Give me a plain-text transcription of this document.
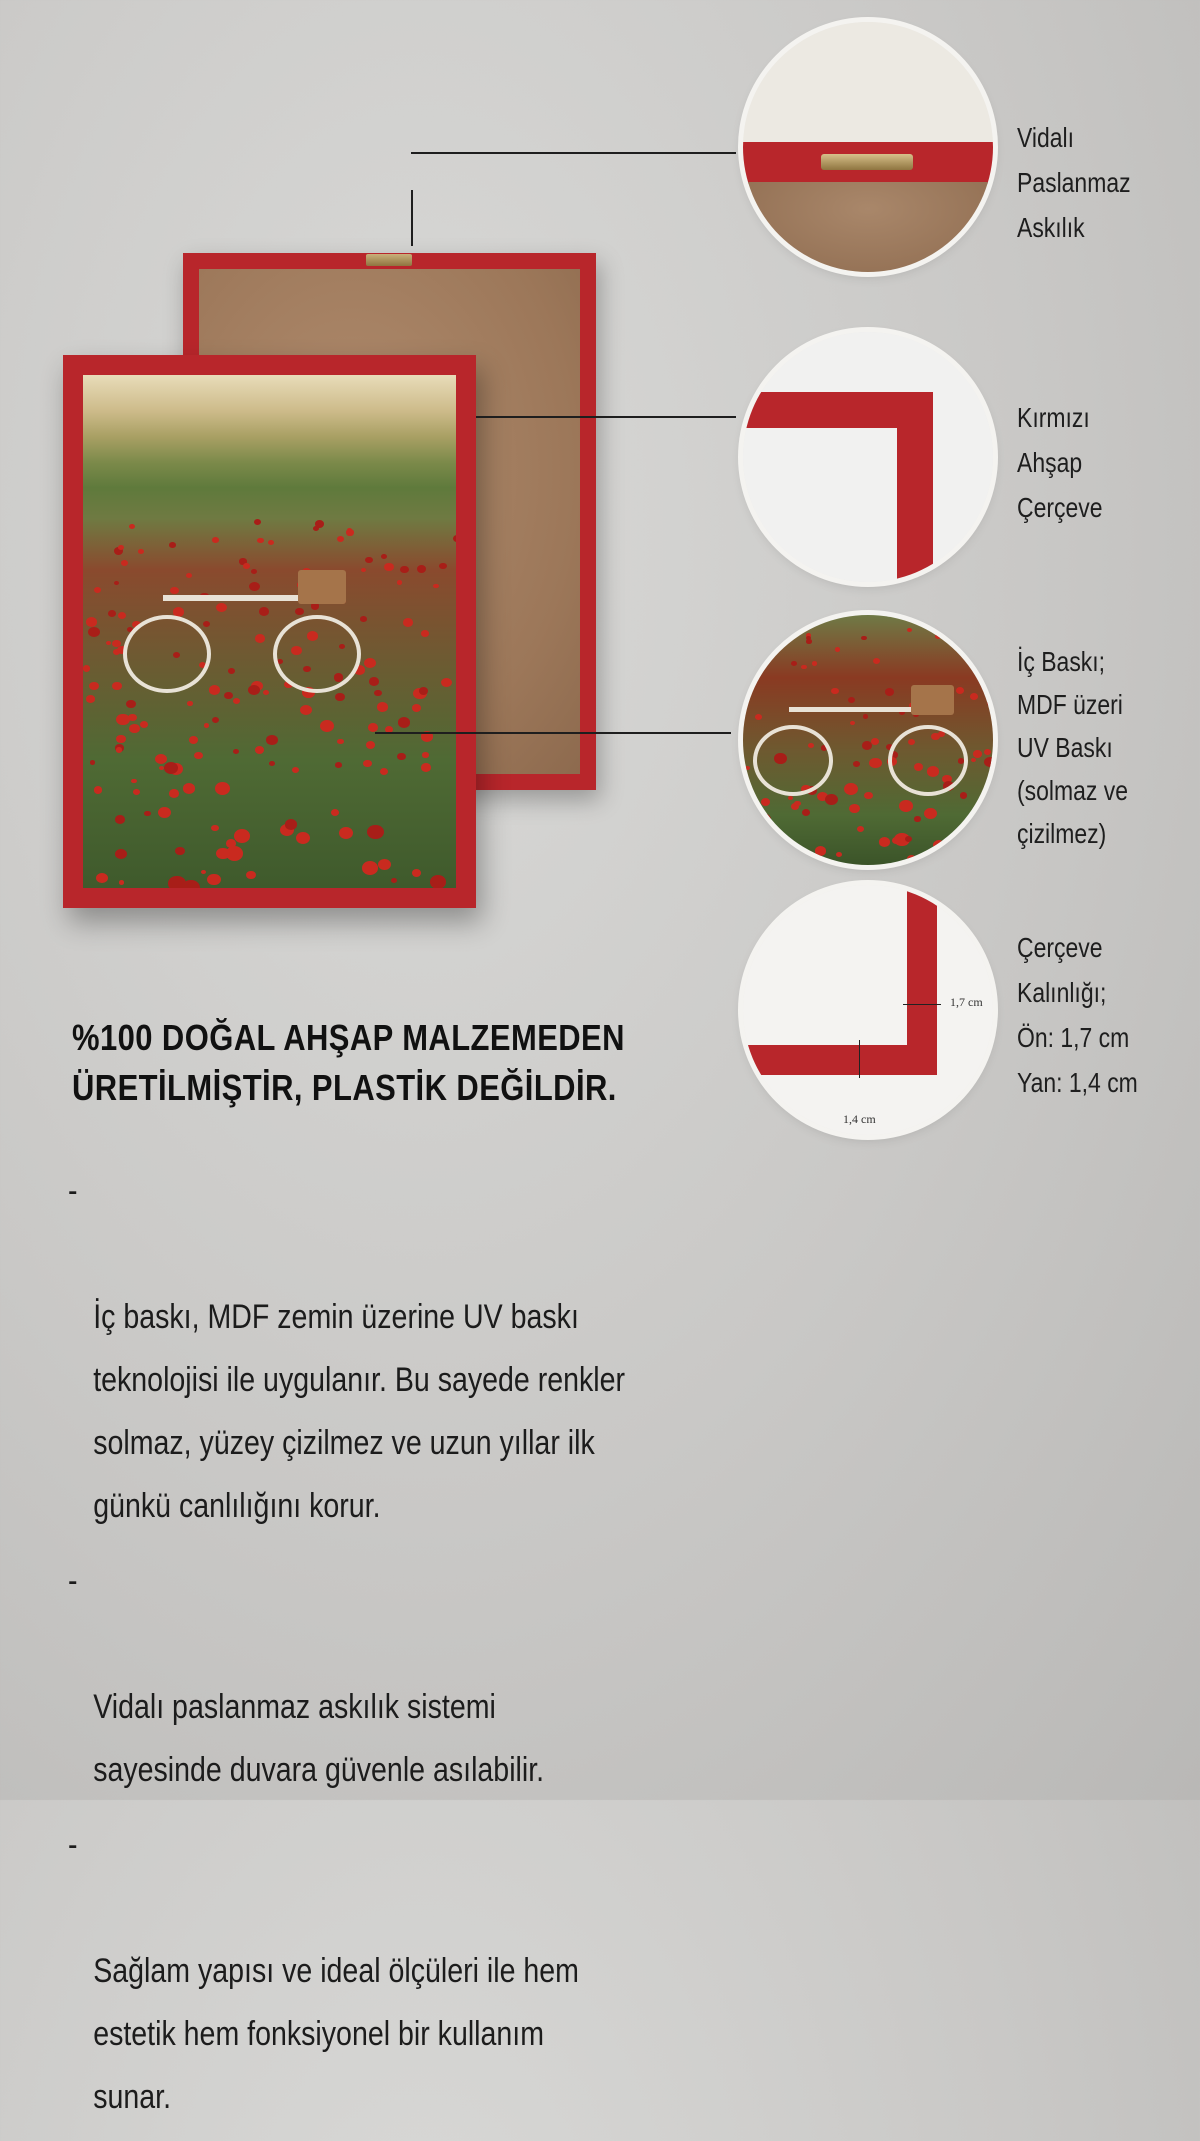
1,7 cm
1,4 cm
Vidalı
Paslanmaz
Askılık
Kırmızı
Ahşap
Çerçeve
İç Baskı;
MDF üzeri
UV Baskı
(solmaz ve
çizilmez)
Çerçeve
Kalınlığı;
Ön: 1,7 cm
Yan: 1,4 cm
%100 DOĞAL AHŞAP MALZEMEDEN
ÜRETİLMİŞTİR, PLASTİK DEĞİLDİR.

-

İç baskı, MDF zemin üzerine UV baskı
teknolojisi ile uygulanır. Bu sayede renkler
solmaz, yüzey çizilmez ve uzun yıllar ilk
günkü canlılığını korur.

-

Vidalı paslanmaz askılık sistemi
sayesinde duvara güvenle asılabilir.

-

Sağlam yapısı ve ideal ölçüleri ile hem
estetik hem fonksiyonel bir kullanım
sunar.
